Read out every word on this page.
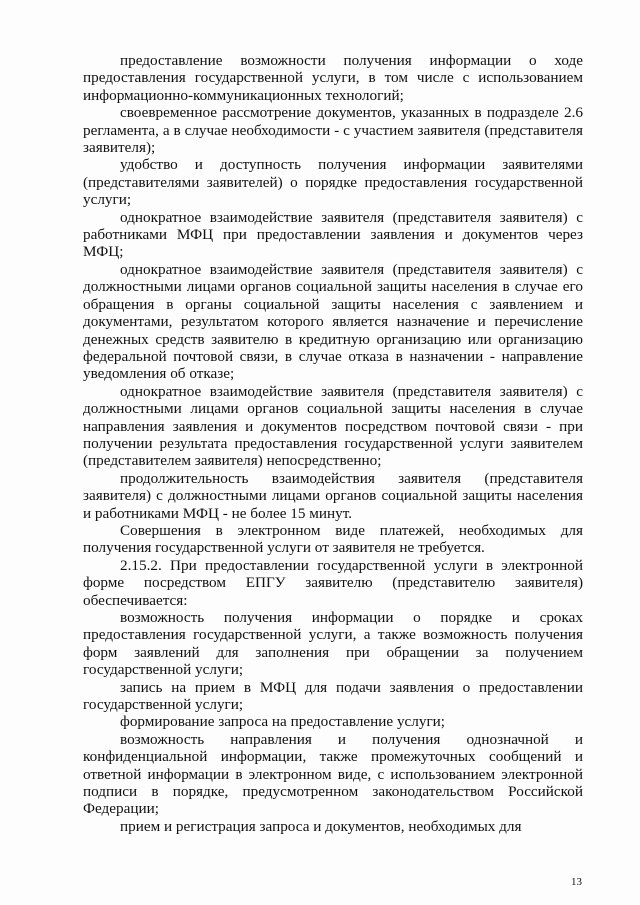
предоставление возможности получения информации о ходе предоставления государственной услуги, в том числе с использованием информационно-коммуникационных технологий;

своевременное рассмотрение документов, указанных в подразделе 2.6 регламента, а в случае необходимости - с участием заявителя (представителя заявителя);

удобство и доступность получения информации заявителями (представителями заявителей) о порядке предоставления государственной услуги;

однократное взаимодействие заявителя (представителя заявителя) с работниками МФЦ при предоставлении заявления и документов через МФЦ;

однократное взаимодействие заявителя (представителя заявителя) с должностными лицами органов социальной защиты населения в случае его обращения в органы социальной защиты населения с заявлением и документами, результатом которого является назначение и перечисление денежных средств заявителю в кредитную организацию или организацию федеральной почтовой связи, в случае отказа в назначении - направление уведомления об отказе;

однократное взаимодействие заявителя (представителя заявителя) с должностными лицами органов социальной защиты населения в случае направления заявления и документов посредством почтовой связи - при получении результата предоставления государственной услуги заявителем (представителем заявителя) непосредственно;

продолжительность взаимодействия заявителя (представителя заявителя) с должностными лицами органов социальной защиты населения и работниками МФЦ - не более 15 минут.

Совершения в электронном виде платежей, необходимых для получения государственной услуги от заявителя не требуется.

2.15.2. При предоставлении государственной услуги в электронной форме посредством ЕПГУ заявителю (представителю заявителя) обеспечивается:

возможность получения информации о порядке и сроках предоставления государственной услуги, а также возможность получения форм заявлений для заполнения при обращении за получением государственной услуги;

запись на прием в МФЦ для подачи заявления о предоставлении государственной услуги;

формирование запроса на предоставление услуги;

возможность направления и получения однозначной и конфиденциальной информации, также промежуточных сообщений и ответной информации в электронном виде, с использованием электронной подписи в порядке, предусмотренном законодательством Российской Федерации;

прием и регистрация запроса и документов, необходимых для

13
